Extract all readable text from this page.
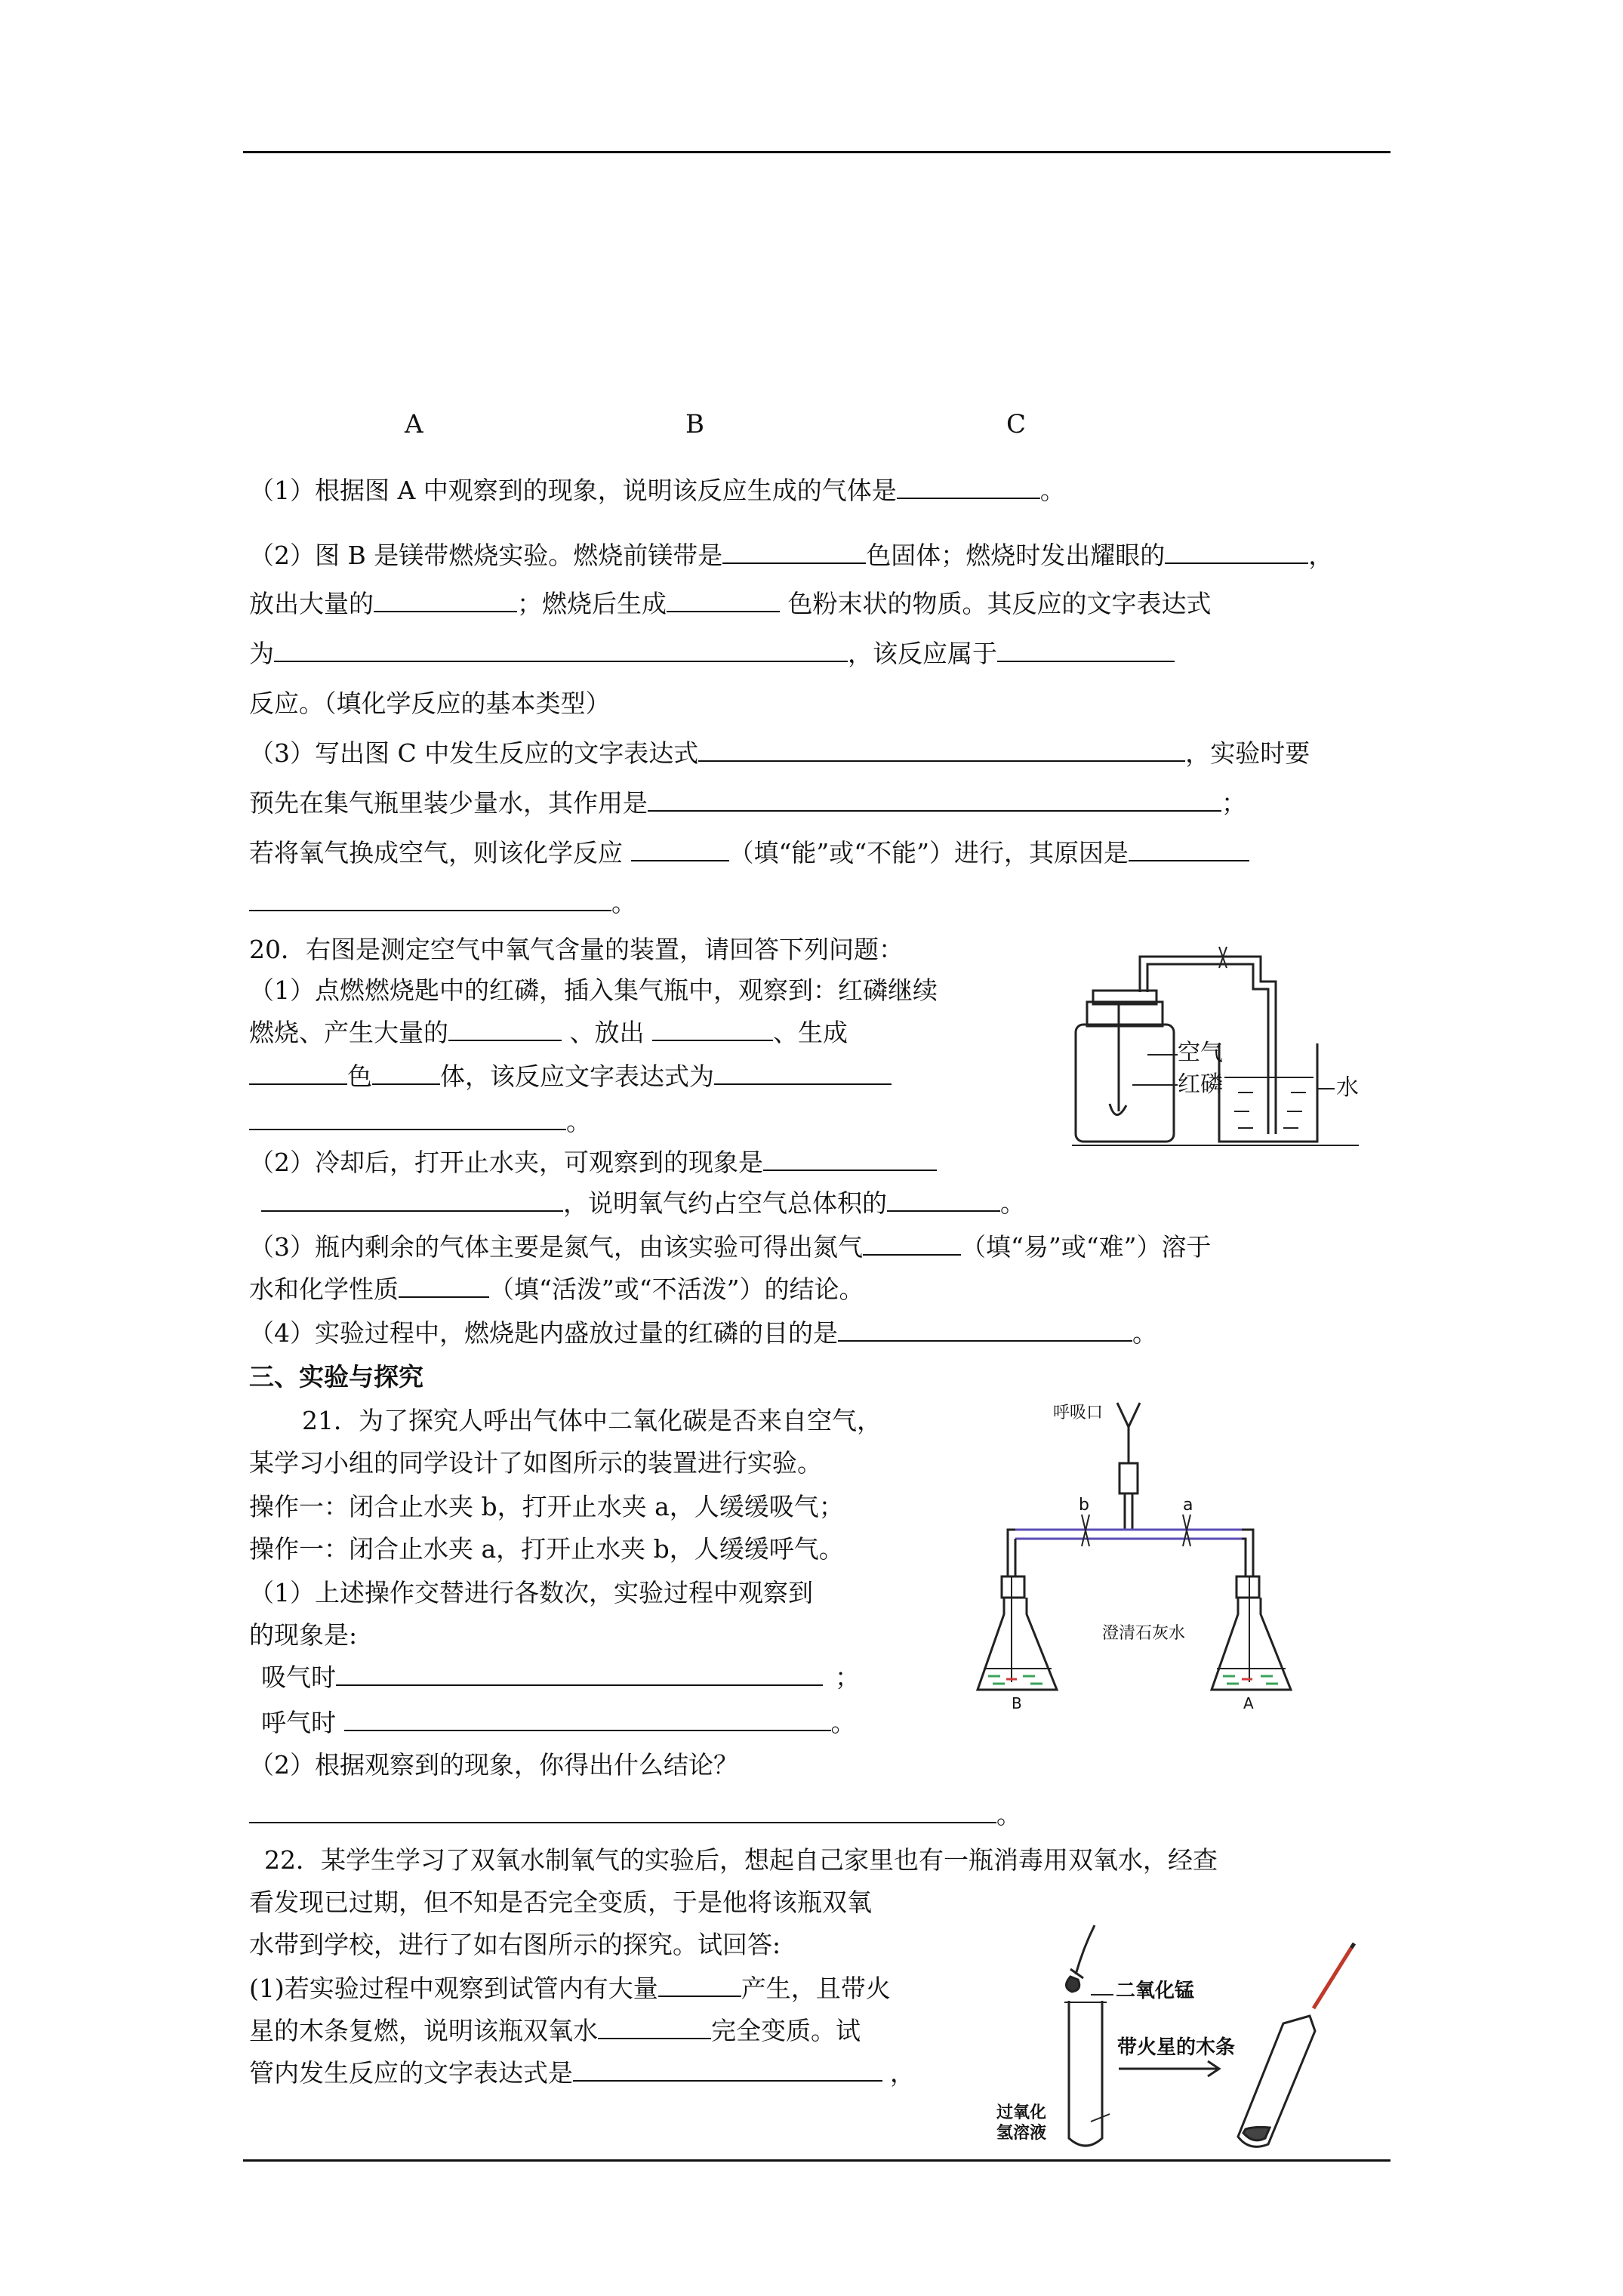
A	B	C
（1）根据图 A 中观察到的现象，说明该反应生成的气体是	。
（2）图 B 是镁带燃烧实验。燃烧前镁带是	色固体；燃烧时发出耀眼的	，
放出大量的	；燃烧后生成	色粉末状的物质。其反应的文字表达式
为	，该反应属于
反应。（填化学反应的基本类型）
（3）写出图 C 中发生反应的文字表达式	，实验时要
预先在集气瓶里装少量水，其作用是	；
若将氧气换成空气，则该化学反应	（填“能”或“不能”）进行，其原因是
。
20．右图是测定空气中氧气含量的装置，请回答下列问题：
（1）点燃燃烧匙中的红磷，插入集气瓶中，观察到：红磷继续
燃烧、产生大量的	、放出	、生成
色	体，该反应文字表达式为
。
（2）冷却后，打开止水夹，可观察到的现象是
，说明氧气约占空气总体积的	。
（3）瓶内剩余的气体主要是氮气，由该实验可得出氮气	（填“易”或“难”）溶于
水和化学性质	（填“活泼”或“不活泼”）的结论。
（4）实验过程中，燃烧匙内盛放过量的红磷的目的是	。
空气
红磷	水
三、实验与探究
21．为了探究人呼出气体中二氧化碳是否来自空气，
某学习小组的同学设计了如图所示的装置进行实验。
操作一：闭合止水夹 b，打开止水夹 a，人缓缓吸气；
操作一：闭合止水夹 a，打开止水夹 b，人缓缓呼气。
（1）上述操作交替进行各数次，实验过程中观察到
的现象是:
吸气时	；
呼气时	。
（2）根据观察到的现象，你得出什么结论？
。
呼吸口
b	a
澄清石灰水
B	A
22．某学生学习了双氧水制氧气的实验后，想起自己家里也有一瓶消毒用双氧水，经查
看发现已过期，但不知是否完全变质，于是他将该瓶双氧
水带到学校，进行了如右图所示的探究。试回答:
(1)若实验过程中观察到试管内有大量	产生，且带火
星的木条复燃，说明该瓶双氧水	完全变质。试
管内发生反应的文字表达式是	，
二氧化锰
带火星的木条
过氧化
氢溶液
